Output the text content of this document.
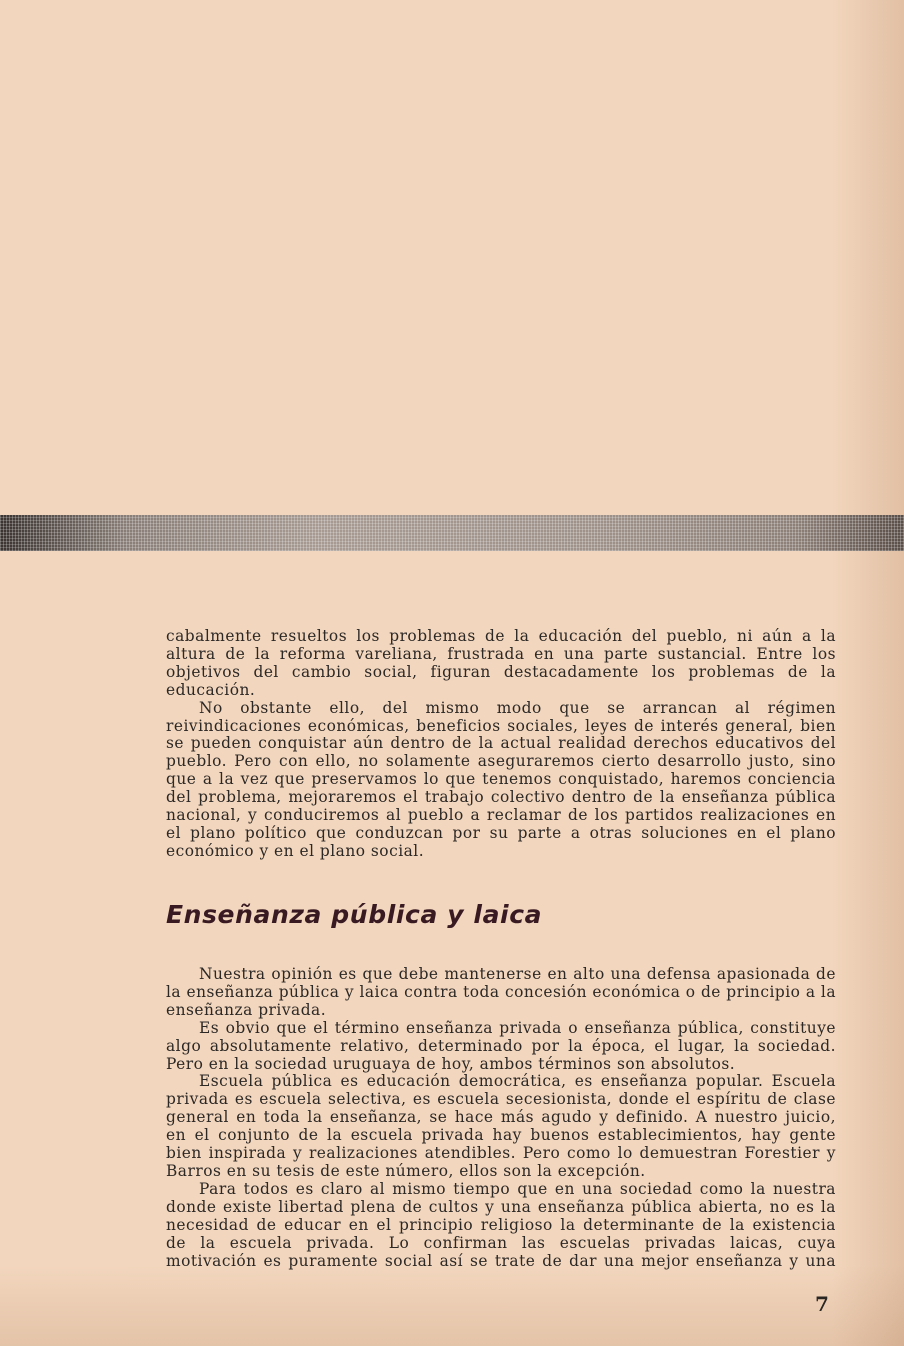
cabalmente resueltos los problemas de la educación del pueblo, ni aún a la altura de la reforma vareliana, frustrada en una parte sustancial. Entre los objetivos del cambio social, figuran destacadamente los problemas de la educación.

No obstante ello, del mismo modo que se arrancan al régimen reivindicaciones económicas, beneficios sociales, leyes de interés general, bien se pueden conquistar aún dentro de la actual realidad derechos educativos del pueblo. Pero con ello, no solamente aseguraremos cierto desarrollo justo, sino que a la vez que preservamos lo que tenemos conquistado, haremos conciencia del problema, mejoraremos el trabajo colectivo dentro de la enseñanza pública nacional, y conduciremos al pueblo a reclamar de los partidos realizaciones en el plano político que conduzcan por su parte a otras soluciones en el plano económico y en el plano social.

Enseñanza pública y laica

Nuestra opinión es que debe mantenerse en alto una defensa apasionada de la enseñanza pública y laica contra toda concesión económica o de principio a la enseñanza privada.

Es obvio que el término enseñanza privada o enseñanza pública, constituye algo absolutamente relativo, determinado por la época, el lugar, la sociedad. Pero en la sociedad uruguaya de hoy, ambos términos son absolutos.

Escuela pública es educación democrática, es enseñanza popular. Escuela privada es escuela selectiva, es escuela secesionista, donde el espíritu de clase general en toda la enseñanza, se hace más agudo y definido. A nuestro juicio, en el conjunto de la escuela privada hay buenos establecimientos, hay gente bien inspirada y realizaciones atendibles. Pero como lo demuestran Forestier y Barros en su tesis de este número, ellos son la excepción.

Para todos es claro al mismo tiempo que en una sociedad como la nuestra donde existe libertad plena de cultos y una enseñanza pública abierta, no es la necesidad de educar en el principio religioso la determinante de la existencia de la escuela privada. Lo confirman las escuelas privadas laicas, cuya motivación es puramente social así se trate de dar una mejor enseñanza y una

7
